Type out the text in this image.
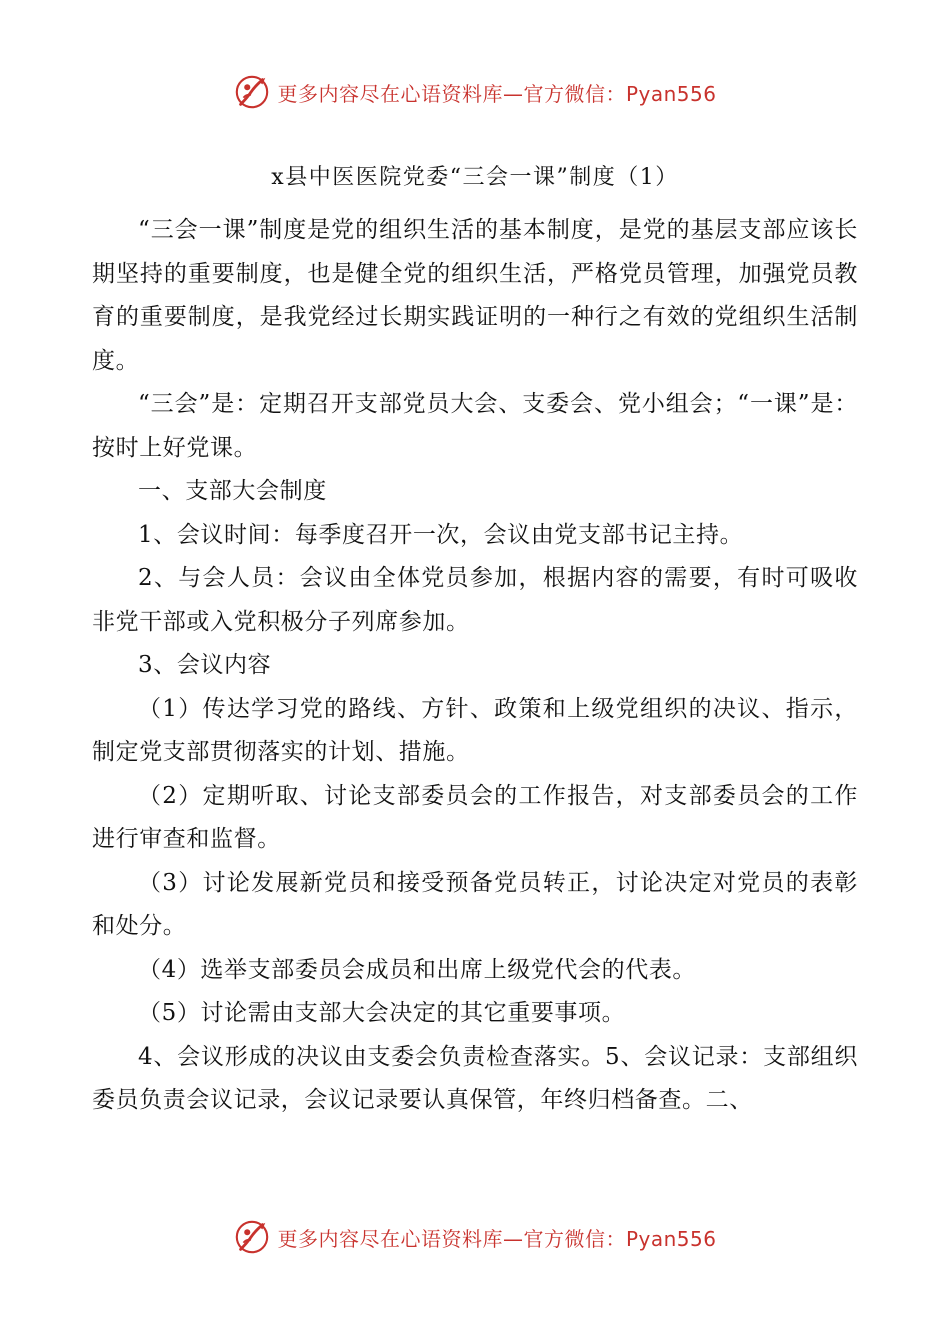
更多内容尽在心语资料库—官方微信：Pyan556
x县中医医院党委“三会一课”制度（1）

“三会一课”制度是党的组织生活的基本制度，是党的基层支部应该长期坚持的重要制度，也是健全党的组织生活，严格党员管理，加强党员教育的重要制度，是我党经过长期实践证明的一种行之有效的党组织生活制度。

“三会”是：定期召开支部党员大会、支委会、党小组会；“一课”是：按时上好党课。

一、支部大会制度

1、会议时间：每季度召开一次，会议由党支部书记主持。

2、与会人员：会议由全体党员参加，根据内容的需要，有时可吸收非党干部或入党积极分子列席参加。

3、会议内容

（1）传达学习党的路线、方针、政策和上级党组织的决议、指示，制定党支部贯彻落实的计划、措施。

（2）定期听取、讨论支部委员会的工作报告，对支部委员会的工作进行审查和监督。

（3）讨论发展新党员和接受预备党员转正，讨论决定对党员的表彰和处分。

（4）选举支部委员会成员和出席上级党代会的代表。

（5）讨论需由支部大会决定的其它重要事项。

4、会议形成的决议由支委会负责检查落实。5、会议记录：支部组织委员负责会议记录，会议记录要认真保管，年终归档备查。二、

更多内容尽在心语资料库—官方微信：Pyan556
